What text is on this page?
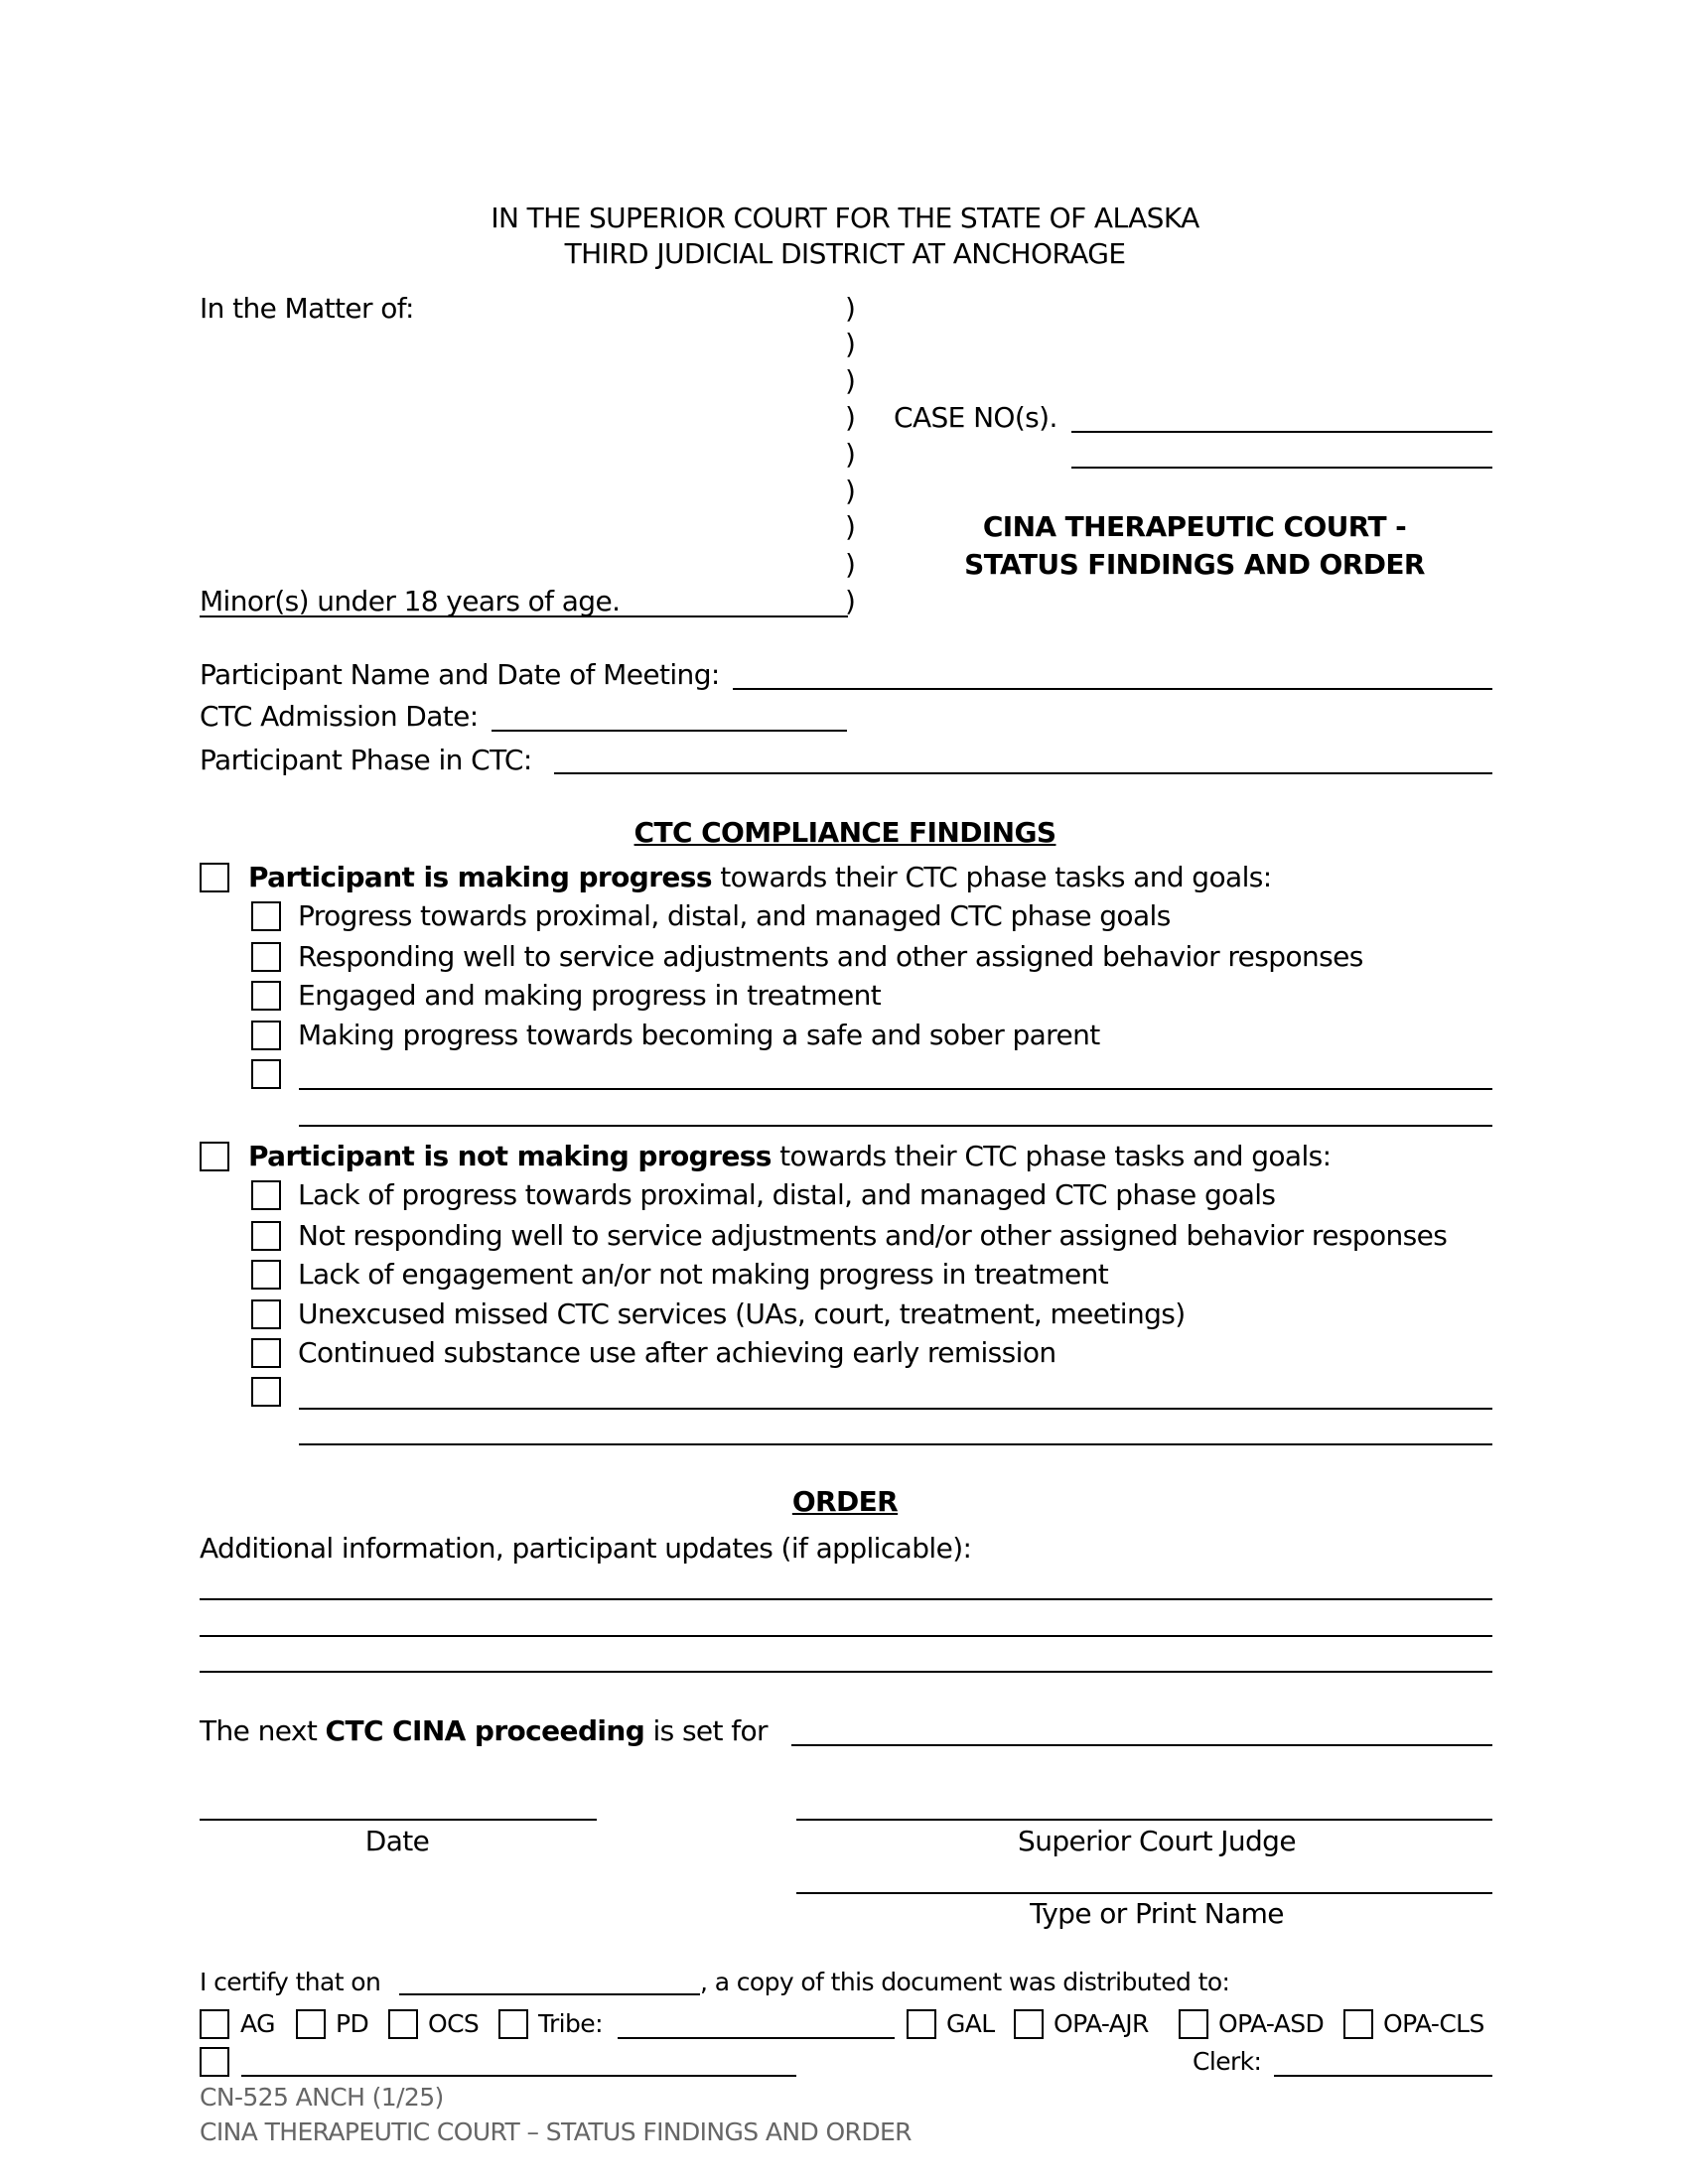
IN THE SUPERIOR COURT FOR THE STATE OF ALASKA
THIRD JUDICIAL DISTRICT AT ANCHORAGE
In the Matter of:	)
)
)
)
)
)
)
)
)
CASE NO(s).
CINA THERAPEUTIC COURT -
STATUS FINDINGS AND ORDER
Minor(s) under 18 years of age.
Participant Name and Date of Meeting:
CTC Admission Date:
Participant Phase in CTC:
CTC COMPLIANCE FINDINGS
Participant is making progress towards their CTC phase tasks and goals:
Progress towards proximal, distal, and managed CTC phase goals
Responding well to service adjustments and other assigned behavior responses
Engaged and making progress in treatment
Making progress towards becoming a safe and sober parent
Participant is not making progress towards their CTC phase tasks and goals:
Lack of progress towards proximal, distal, and managed CTC phase goals
Not responding well to service adjustments and/or other assigned behavior responses
Lack of engagement an/or not making progress in treatment
Unexcused missed CTC services (UAs, court, treatment, meetings)
Continued substance use after achieving early remission
ORDER
Additional information, participant updates (if applicable):
The next CTC CINA proceeding is set for
Date	Superior Court Judge
Type or Print Name
I certify that on	, a copy of this document was distributed to:
AG PD OCS Tribe:	GAL OPA-AJR	OPA-ASD OPA-CLS
Clerk:
CN-525 ANCH (1/25)
CINA THERAPEUTIC COURT – STATUS FINDINGS AND ORDER
